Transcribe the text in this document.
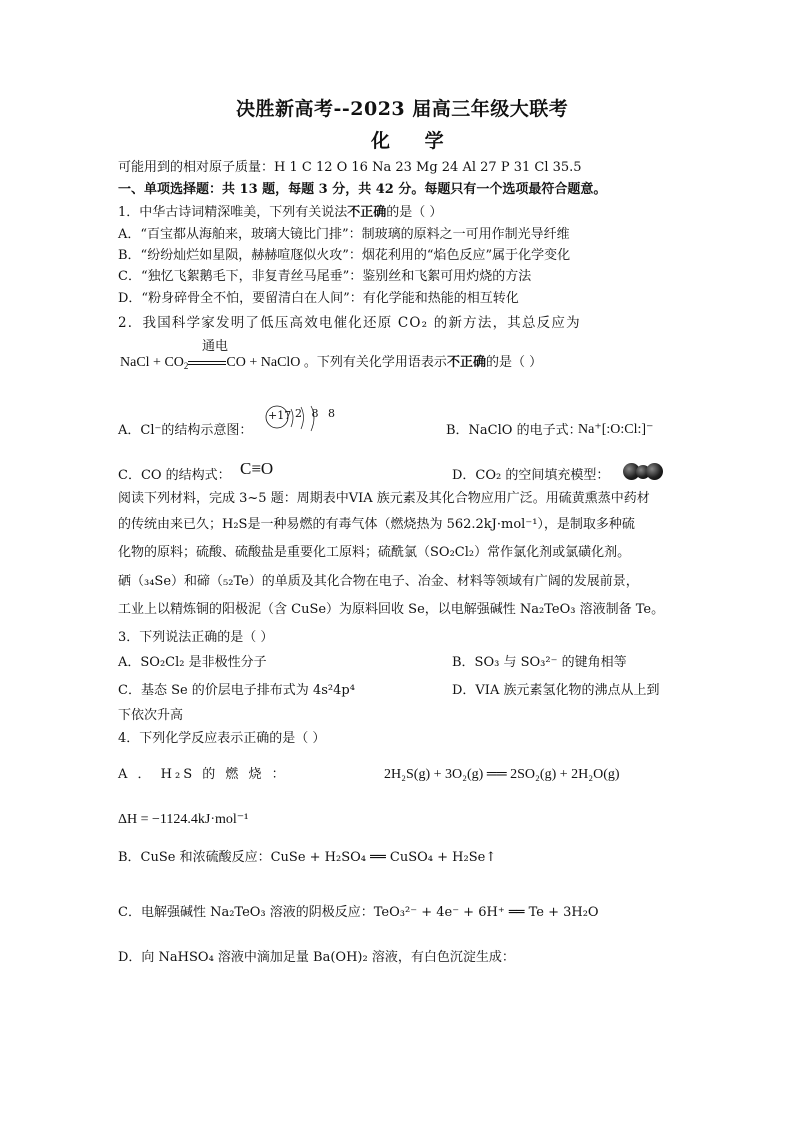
决胜新高考--2023 届高三年级大联考
化 学
可能用到的相对原子质量：H 1 C 12 O 16 Na 23 Mg 24 Al 27 P 31 Cl 35.5
一、单项选择题：共 13 题，每题 3 分，共 42 分。每题只有一个选项最符合题意。
1．中华古诗词精深唯美，下列有关说法不正确的是（ ）
A．“百宝都从海舶来，玻璃大镜比门排”：制玻璃的原料之一可用作制光导纤维
B．“纷纷灿烂如星陨，赫赫喧豗似火攻”：烟花利用的“焰色反应”属于化学变化
C．“独忆飞絮鹅毛下，非复青丝马尾垂”：鉴别丝和飞絮可用灼烧的方法
D．“粉身碎骨全不怕，要留清白在人间”：有化学能和热能的相互转化
2．我国科学家发明了低压高效电催化还原 CO₂ 的新方法，其总反应为
通电
NaCl + $CO_2$	CO + NaClO 。下列有关化学用语表示不正确的是（ ）
A．Cl⁻的结构示意图：
+17 2 8 8
B．NaClO 的电子式：
Na⁺[:O:Cl:]⁻
C．CO 的结构式： C≡O	D．CO₂ 的空间填充模型：
阅读下列材料，完成 3~5 题：周期表中VIA 族元素及其化合物应用广泛。用硫黄熏蒸中药材
的传统由来已久；H₂S是一种易燃的有毒气体（燃烧热为 562.2kJ·mol⁻¹），是制取多种硫
化物的原料；硫酸、硫酸盐是重要化工原料；硫酰氯（SO₂Cl₂）常作氯化剂或氯磺化剂。
硒（₃₄Se）和碲（₅₂Te）的单质及其化合物在电子、冶金、材料等领域有广阔的发展前景，
工业上以精炼铜的阳极泥（含 CuSe）为原料回收 Se，以电解强碱性 Na₂TeO₃ 溶液制备 Te。
3．下列说法正确的是（ ）
A．SO₂Cl₂ 是非极性分子	B．SO₃ 与 SO₃²⁻ 的键角相等
C．基态 Se 的价层电子排布式为 4s²4p⁴	D．VIA 族元素氢化物的沸点从上到
下依次升高
4．下列化学反应表示正确的是（ ）
A ． H₂S 的 燃 烧 ：	2H₂S(g) + 3O₂(g) ══ 2SO₂(g) + 2H₂O(g)
ΔH = −1124.4kJ·mol⁻¹
B．CuSe 和浓硫酸反应：CuSe + H₂SO₄ ══ CuSO₄ + H₂Se↑
C．电解强碱性 Na₂TeO₃ 溶液的阴极反应：TeO₃²⁻ + 4e⁻ + 6H⁺ ══ Te + 3H₂O
D．向 NaHSO₄ 溶液中滴加足量 Ba(OH)₂ 溶液，有白色沉淀生成：
